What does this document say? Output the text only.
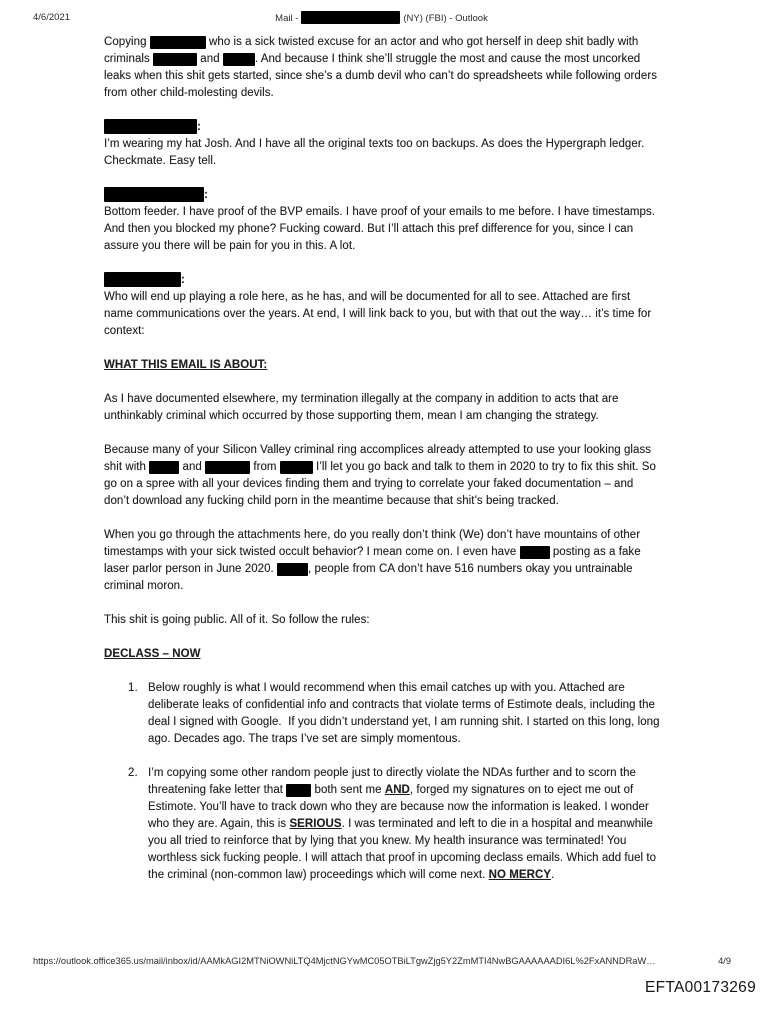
4/6/2021	Mail -	(NY) (FBI) - Outlook

Copying	who is a sick twisted excuse for an actor and who got herself in deep shit badly with criminals	and	. And because I think she’ll struggle the most and cause the most uncorked leaks when this shit gets started, since she’s a dumb devil who can’t do spreadsheets while following orders from other child-molesting devils.

:
I’m wearing my hat Josh. And I have all the original texts too on backups. As does the Hypergraph ledger. Checkmate. Easy tell.

:
Bottom feeder. I have proof of the BVP emails. I have proof of your emails to me before. I have timestamps. And then you blocked my phone? Fucking coward. But I’ll attach this pref difference for you, since I can assure you there will be pain for you in this. A lot.

:
Who will end up playing a role here, as he has, and will be documented for all to see. Attached are first name communications over the years. At end, I will link back to you, but with that out the way… it’s time for context:

WHAT THIS EMAIL IS ABOUT:

As I have documented elsewhere, my termination illegally at the company in addition to acts that are unthinkably criminal which occurred by those supporting them, mean I am changing the strategy.

Because many of your Silicon Valley criminal ring accomplices already attempted to use your looking glass shit with	and	from	I’ll let you go back and talk to them in 2020 to try to fix this shit. So go on a spree with all your devices finding them and trying to correlate your faked documentation – and don’t download any fucking child porn in the meantime because that shit’s being tracked.

When you go through the attachments here, do you really don’t think (We) don’t have mountains of other timestamps with your sick twisted occult behavior? I mean come on. I even have	posting as a fake laser parlor person in June 2020.	, people from CA don’t have 516 numbers okay you untrainable criminal moron.

This shit is going public. All of it. So follow the rules:

DECLASS – NOW

1. Below roughly is what I would recommend when this email catches up with you. Attached are deliberate leaks of confidential info and contracts that violate terms of Estimote deals, including the deal I signed with Google.  If you didn’t understand yet, I am running shit. I started on this long, long ago. Decades ago. The traps I’ve set are simply momentous.
2. I’m copying some other random people just to directly violate the NDAs further and to scorn the threatening fake letter that  both sent me AND, forged my signatures on to eject me out of Estimote. You’ll have to track down who they are because now the information is leaked. I wonder who they are. Again, this is SERIOUS. I was terminated and left to die in a hospital and meanwhile you all tried to reinforce that by lying that you knew. My health insurance was terminated! You worthless sick fucking people. I will attach that proof in upcoming declass emails. Which add fuel to the criminal (non-common law) proceedings which will come next. NO MERCY.
https://outlook.office365.us/mail/inbox/id/AAMkAGI2MTNiOWNiLTQ4MjctNGYwMC05OTBiLTgwZjg5Y2ZmMTI4NwBGAAAAAADI6L%2FxANNDRaW…	4/9
EFTA00173269
